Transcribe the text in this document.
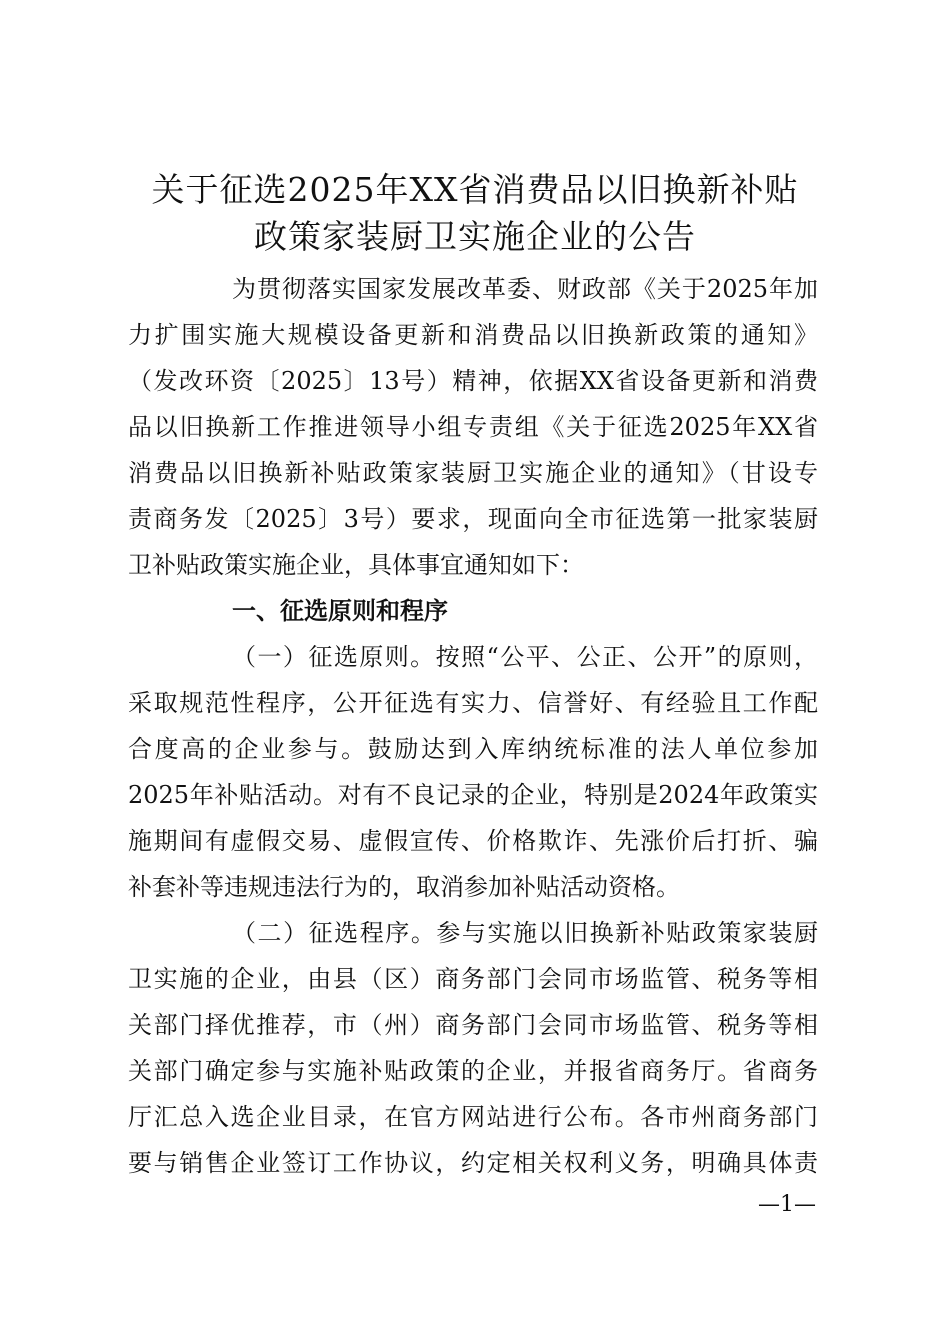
关于征选2025年XX省消费品以旧换新补贴
政策家装厨卫实施企业的公告
为贯彻落实国家发展改革委、财政部《关于2025年加
力扩围实施大规模设备更新和消费品以旧换新政策的通知》
（发改环资〔2025〕13号）精神，依据XX省设备更新和消费
品以旧换新工作推进领导小组专责组《关于征选2025年XX省
消费品以旧换新补贴政策家装厨卫实施企业的通知》（甘设专
责商务发〔2025〕3号）要求，现面向全市征选第一批家装厨
卫补贴政策实施企业，具体事宜通知如下：
一、征选原则和程序
（一）征选原则。按照“公平、公正、公开”的原则，
采取规范性程序，公开征选有实力、信誉好、有经验且工作配
合度高的企业参与。鼓励达到入库纳统标准的法人单位参加
2025年补贴活动。对有不良记录的企业，特别是2024年政策实
施期间有虚假交易、虚假宣传、价格欺诈、先涨价后打折、骗
补套补等违规违法行为的，取消参加补贴活动资格。
（二）征选程序。参与实施以旧换新补贴政策家装厨
卫实施的企业，由县（区）商务部门会同市场监管、税务等相
关部门择优推荐，市（州）商务部门会同市场监管、税务等相
关部门确定参与实施补贴政策的企业，并报省商务厅。省商务
厅汇总入选企业目录，在官方网站进行公布。各市州商务部门
要与销售企业签订工作协议，约定相关权利义务，明确具体责
—1—
